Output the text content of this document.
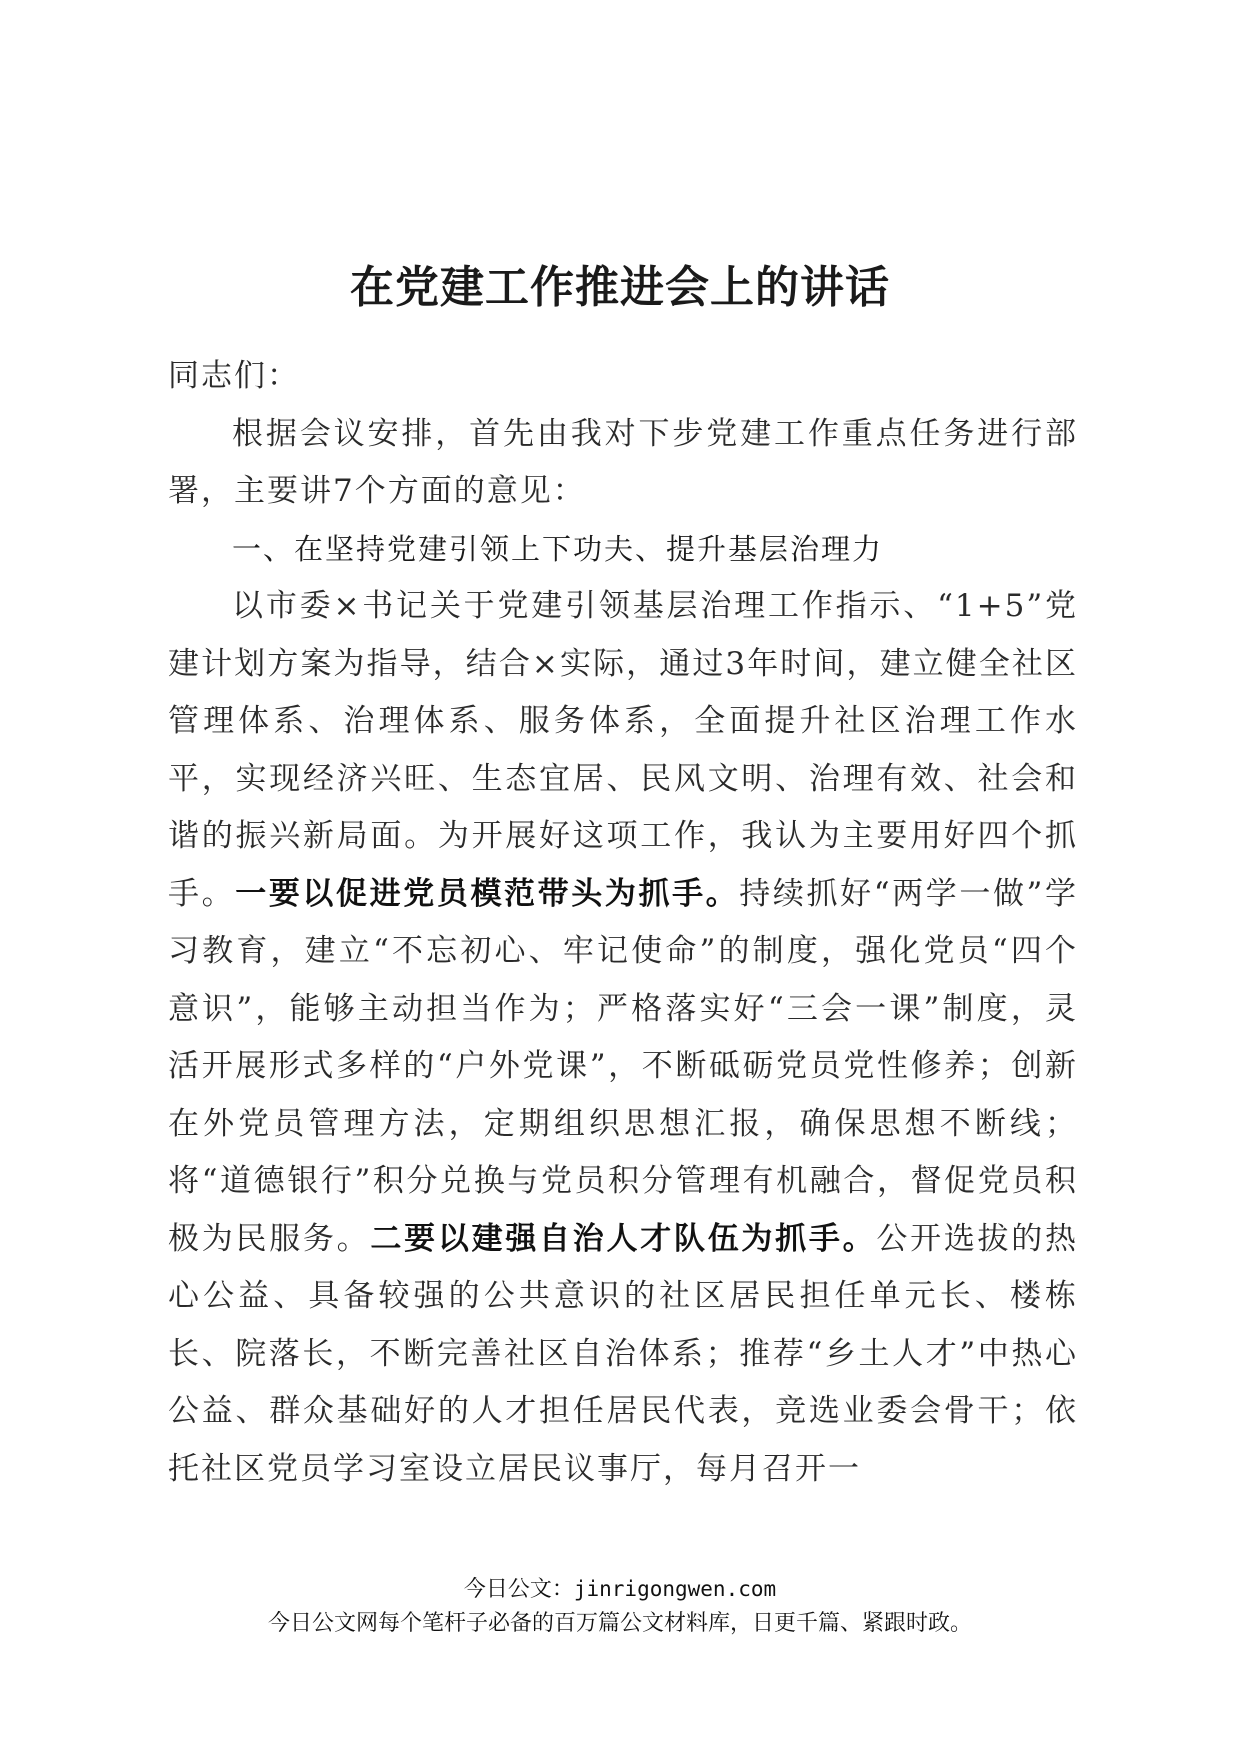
在党建工作推进会上的讲话

同志们：

根据会议安排，首先由我对下步党建工作重点任务进行部署，主要讲7个方面的意见：

一、在坚持党建引领上下功夫、提升基层治理力

以市委×书记关于党建引领基层治理工作指示、“1+5”党建计划方案为指导，结合×实际，通过3年时间，建立健全社区管理体系、治理体系、服务体系，全面提升社区治理工作水平，实现经济兴旺、生态宜居、民风文明、治理有效、社会和谐的振兴新局面。为开展好这项工作，我认为主要用好四个抓手。一要以促进党员模范带头为抓手。持续抓好“两学一做”学习教育，建立“不忘初心、牢记使命”的制度，强化党员“四个意识”，能够主动担当作为；严格落实好“三会一课”制度，灵活开展形式多样的“户外党课”，不断砥砺党员党性修养；创新在外党员管理方法，定期组织思想汇报，确保思想不断线；将“道德银行”积分兑换与党员积分管理有机融合，督促党员积极为民服务。二要以建强自治人才队伍为抓手。公开选拔的热心公益、具备较强的公共意识的社区居民担任单元长、楼栋长、院落长，不断完善社区自治体系；推荐“乡土人才”中热心公益、群众基础好的人才担任居民代表，竞选业委会骨干；依托社区党员学习室设立居民议事厅，每月召开一

今日公文：jinrigongwen.com
今日公文网每个笔杆子必备的百万篇公文材料库，日更千篇、紧跟时政。
